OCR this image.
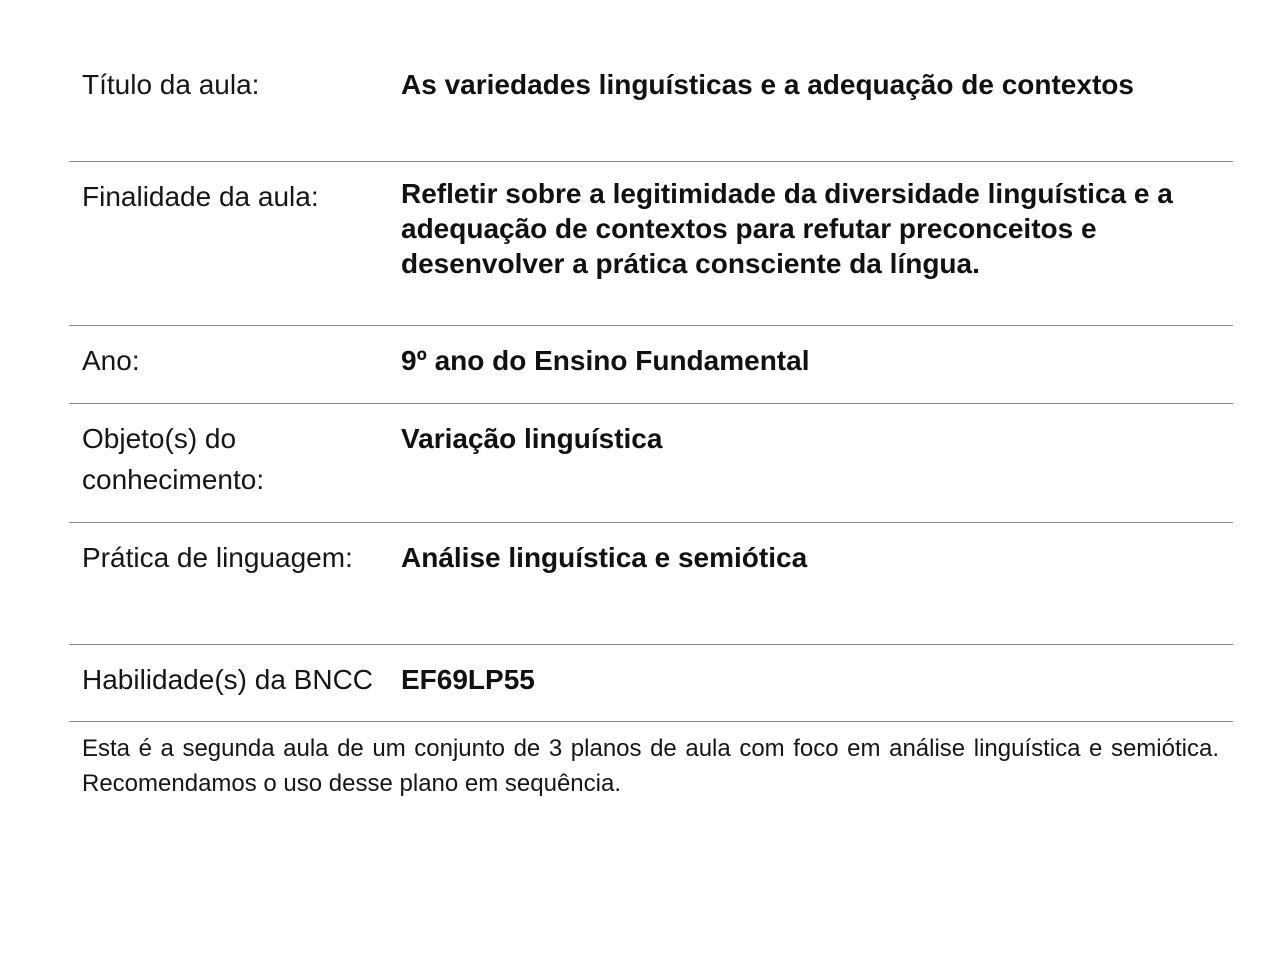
Título da aula:	As variedades linguísticas e a adequação de contextos
Finalidade da aula:	Refletir sobre a legitimidade da diversidade linguística e a adequação de contextos para refutar preconceitos e desenvolver a prática consciente da língua.
Ano:	9º ano do Ensino Fundamental
Objeto(s) do conhecimento:
Variação linguística
Prática de linguagem:	Análise linguística e semiótica
Habilidade(s) da BNCC EF69LP55
Esta é a segunda aula de um conjunto de 3 planos de aula com foco em análise linguística e semiótica. Recomendamos o uso desse plano em sequência.
